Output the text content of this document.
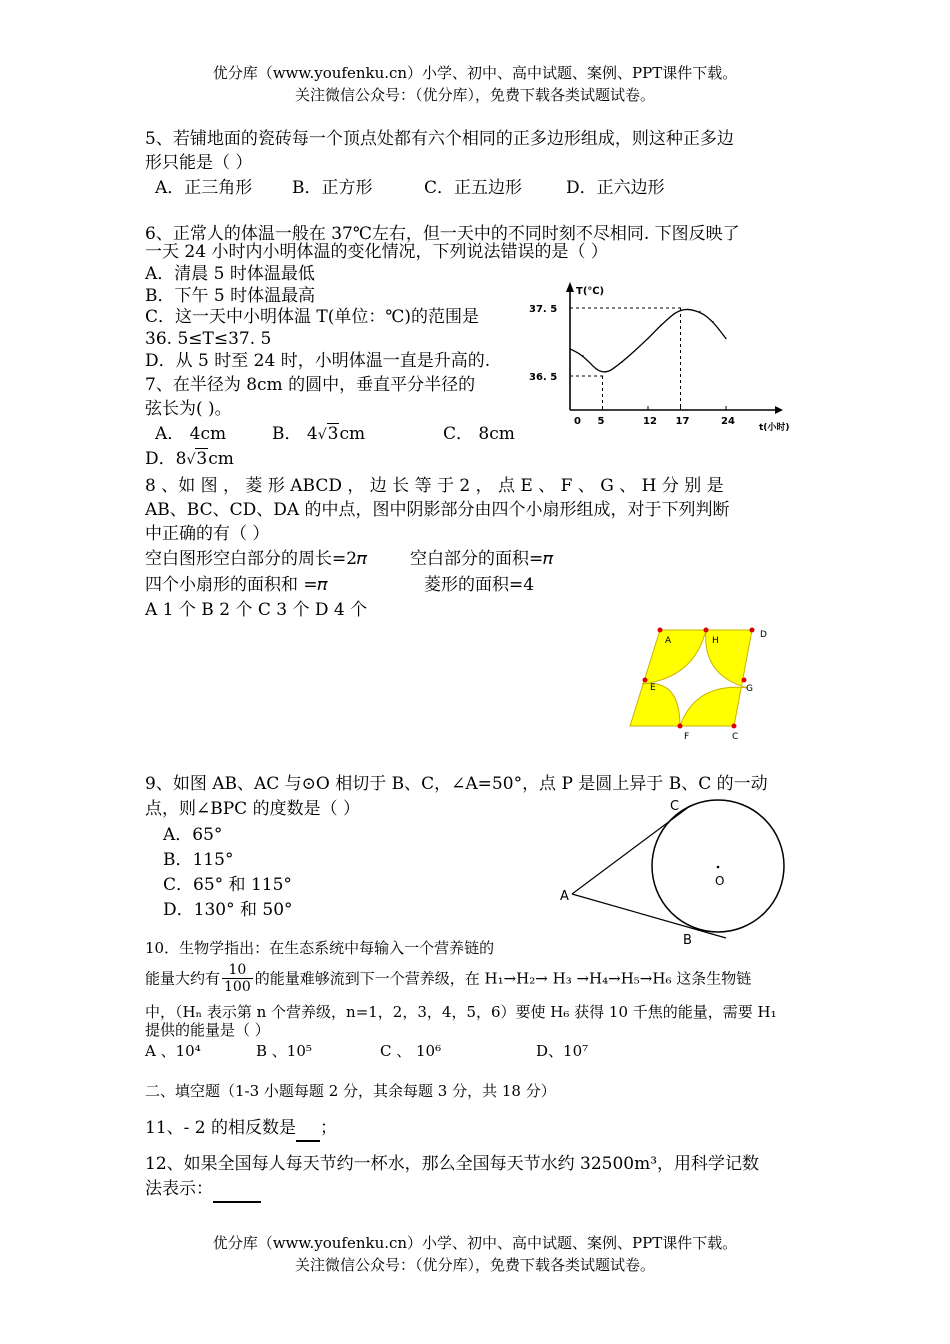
优分库（www.youfenku.cn）小学、初中、高中试题、案例、PPT课件下载。
关注微信公众号：（优分库），免费下载各类试题试卷。
5、若铺地面的瓷砖每一个顶点处都有六个相同的正多边形组成，则这种正多边
形只能是（ ）
A．正三角形 B．正方形	C．正五边形	D．正六边形
6、正常人的体温一般在 37℃左右，但一天中的不同时刻不尽相同. 下图反映了
一天 24 小时内小明体温的变化情况，下列说法错误的是（ ）
A．清晨 5 时体温最低
B．下午 5 时体温最高
C．这一天中小明体温 T(单位：℃)的范围是
36. 5≤T≤37. 5
D．从 5 时至 24 时，小明体温一直是升高的.
T(℃)
t(小时)
0 5	12 17	24
36. 5
37. 5
7、在半径为 8cm 的圆中，垂直平分半径的
弦长为( )。
A． 4cm	B． 4√3cm	C． 8cm
D．8√3cm
8 、如 图 ， 菱 形 ABCD ， 边 长 等 于 2 ， 点 E 、 F 、 G 、 H 分 别 是
AB、BC、CD、DA 的中点，图中阴影部分由四个小扇形组成，对于下列判断
中正确的有（ ）
空白图形空白部分的周长=2𝜋	空白部分的面积=𝜋
四个小扇形的面积和 =𝜋	菱形的面积=4
A 1 个 B 2 个 C 3 个 D 4 个
A	H
D
E	G
F	C
9、如图 AB、AC 与⊙O 相切于 B、C，∠A=50°，点 P 是圆上异于 B、C 的一动
点，则∠BPC 的度数是（ ）
A．65°
B．115°
C．65° 和 115°
D．130° 和 50°
C
A
O
B
10．生物学指出：在生态系统中每输入一个营养链的
能量大约有 $\frac{10}{100}$ 的能量难够流到下一个营养级，在 H₁→H₂→ H₃ →H₄→H₅→H₆ 这条生物链
中，（Hₙ 表示第 n 个营养级，n=1，2，3，4，5，6）要使 H₆ 获得 10 千焦的能量，需要 H₁
提供的能量是（ ）
A 、10⁴	B 、10⁵	C 、 10⁶	D、10⁷
二、填空题（1-3 小题每题 2 分，其余每题 3 分，共 18 分）
11、- 2 的相反数是 ；
12、如果全国每人每天节约一杯水，那么全国每天节水约 32500m³，用科学记数
法表示：
优分库（www.youfenku.cn）小学、初中、高中试题、案例、PPT课件下载。
关注微信公众号：（优分库），免费下载各类试题试卷。
